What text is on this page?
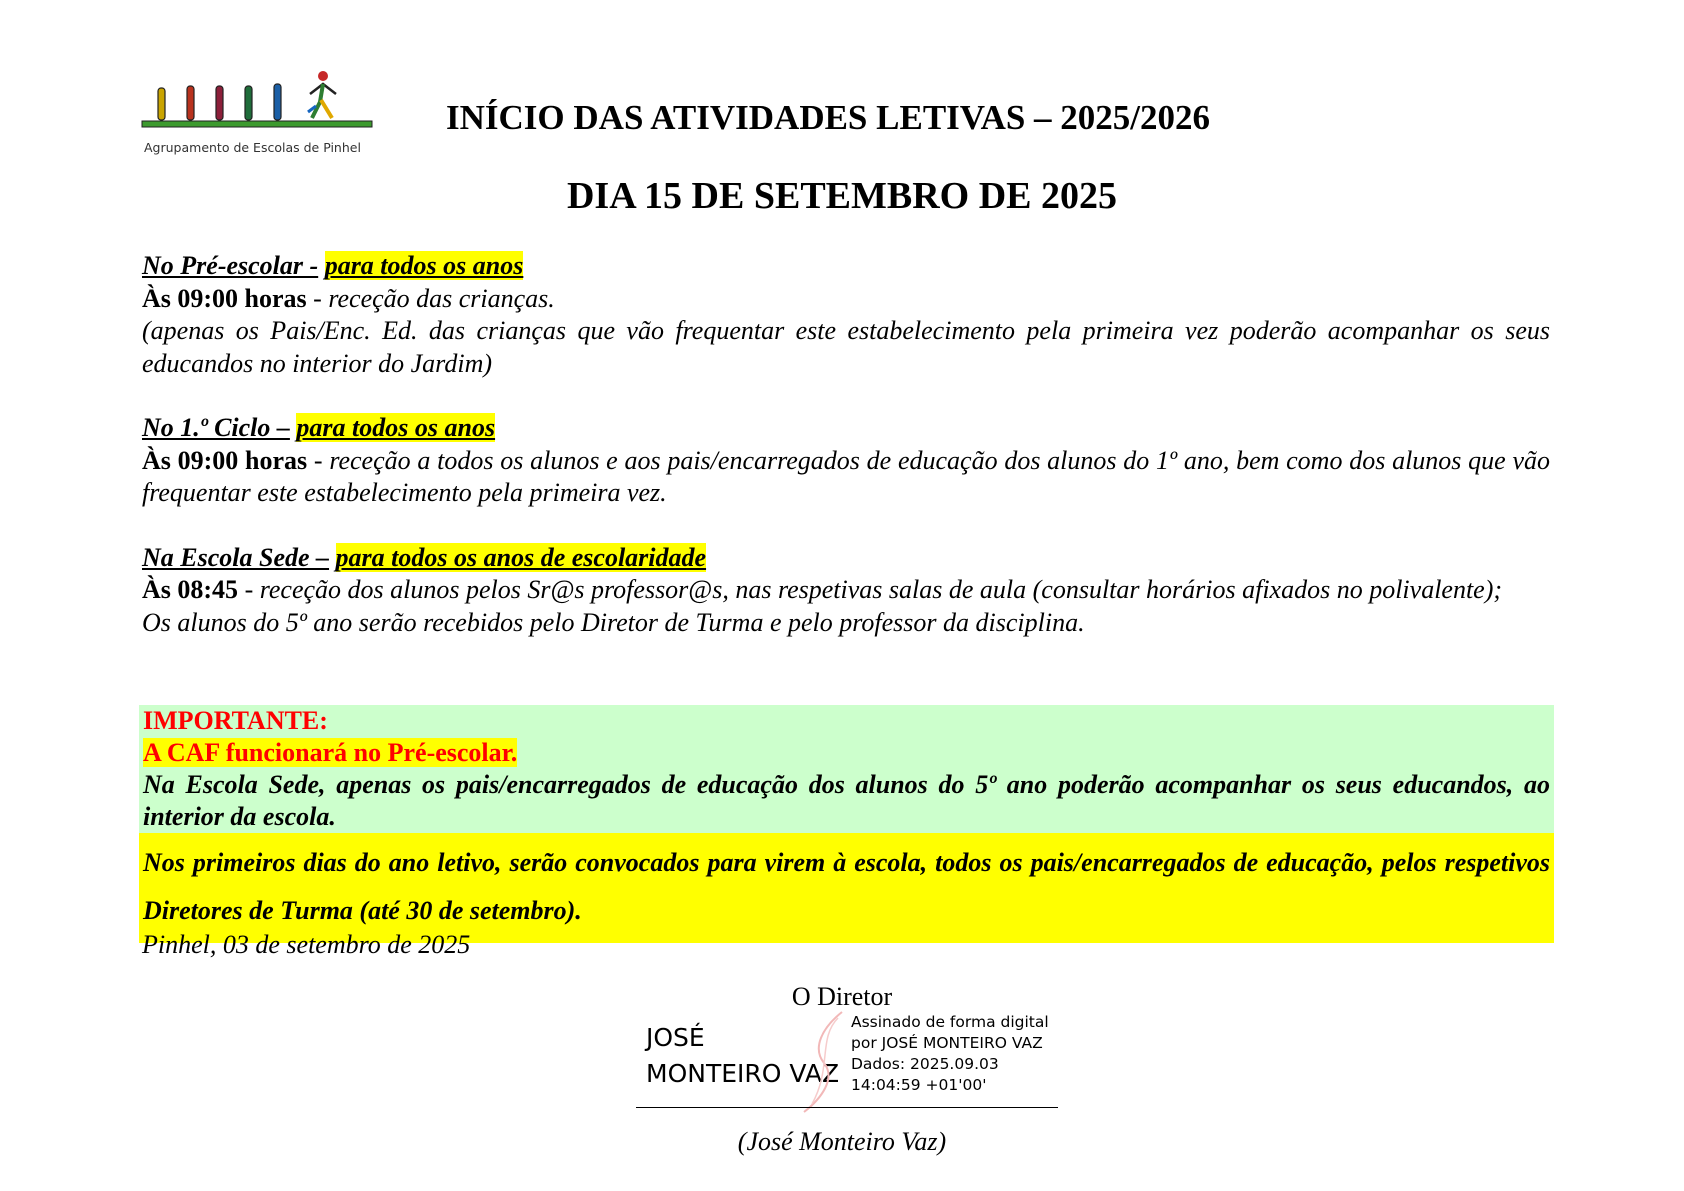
Agrupamento de Escolas de Pinhel
INÍCIO DAS ATIVIDADES LETIVAS – 2025/2026
DIA 15 DE SETEMBRO DE 2025
No Pré-escolar - para todos os anos
Às 09:00 horas - receção das crianças.
(apenas os Pais/Enc. Ed. das crianças que vão frequentar este estabelecimento pela primeira vez poderão acompanhar os seus educandos no interior do Jardim)
No 1.º Ciclo – para todos os anos
Às 09:00 horas - receção a todos os alunos e aos pais/encarregados de educação dos alunos do 1º ano, bem como dos alunos que vão frequentar este estabelecimento pela primeira vez.
Na Escola Sede – para todos os anos de escolaridade
Às 08:45 - receção dos alunos pelos Sr@s professor@s, nas respetivas salas de aula (consultar horários afixados no polivalente);
Os alunos do 5º ano serão recebidos pelo Diretor de Turma e pelo professor da disciplina.
IMPORTANTE:
A CAF funcionará no Pré-escolar.
Na Escola Sede, apenas os pais/encarregados de educação dos alunos do 5º ano poderão acompanhar os seus educandos, ao interior da escola.
Nos primeiros dias do ano letivo, serão convocados para virem à escola, todos os pais/encarregados de educação, pelos respetivos Diretores de Turma (até 30 de setembro).
Pinhel, 03 de setembro de 2025
O Diretor
JOSÉ
MONTEIRO VAZ
Assinado de forma digital
por JOSÉ MONTEIRO VAZ
Dados: 2025.09.03
14:04:59 +01'00'
(José Monteiro Vaz)
